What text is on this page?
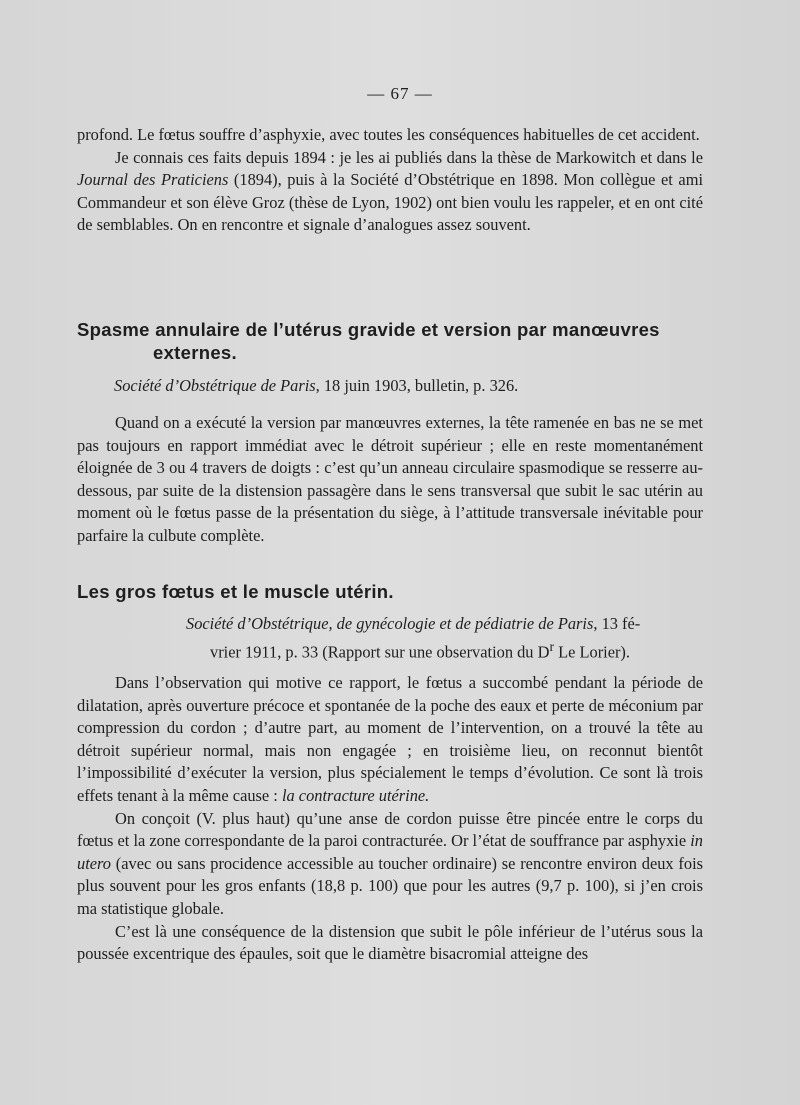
— 67 —

profond. Le fœtus souffre d’asphyxie, avec toutes les conséquences habituelles de cet accident.

Je connais ces faits depuis 1894 : je les ai publiés dans la thèse de Markowitch et dans le Journal des Praticiens (1894), puis à la Société d’Obstétrique en 1898. Mon collègue et ami Commandeur et son élève Groz (thèse de Lyon, 1902) ont bien voulu les rappeler, et en ont cité de semblables. On en rencontre et signale d’analogues assez souvent.

Spasme annulaire de l’utérus gravide et version par manœuvres
externes.
Société d’Obstétrique de Paris, 18 juin 1903, bulletin, p. 326.

Quand on a exécuté la version par manœuvres externes, la tête ramenée en bas ne se met pas toujours en rapport immédiat avec le détroit supérieur ; elle en reste momentanément éloignée de 3 ou 4 travers de doigts : c’est qu’un anneau circulaire spasmodique se resserre au-dessous, par suite de la distension passagère dans le sens transversal que subit le sac utérin au moment où le fœtus passe de la présentation du siège, à l’attitude transversale inévitable pour parfaire la culbute complète.

Les gros fœtus et le muscle utérin.
Société d’Obstétrique, de gynécologie et de pédiatrie de Paris, 13 fé-
vrier 1911, p. 33 (Rapport sur une observation du $D^r$ Le Lorier).

Dans l’observation qui motive ce rapport, le fœtus a succombé pendant la période de dilatation, après ouverture précoce et spontanée de la poche des eaux et perte de méconium par compression du cordon ; d’autre part, au moment de l’intervention, on a trouvé la tête au détroit supérieur normal, mais non engagée ; en troisième lieu, on reconnut bientôt l’impossibilité d’exécuter la version, plus spécialement le temps d’évolution. Ce sont là trois effets tenant à la même cause : la contracture utérine.

On conçoit (V. plus haut) qu’une anse de cordon puisse être pincée entre le corps du fœtus et la zone correspondante de la paroi contracturée. Or l’état de souffrance par asphyxie in utero (avec ou sans procidence accessible au toucher ordinaire) se rencontre environ deux fois plus souvent pour les gros enfants (18,8 p. 100) que pour les autres (9,7 p. 100), si j’en crois ma statistique globale.

C’est là une conséquence de la distension que subit le pôle inférieur de l’utérus sous la poussée excentrique des épaules, soit que le diamètre bisacromial atteigne des
